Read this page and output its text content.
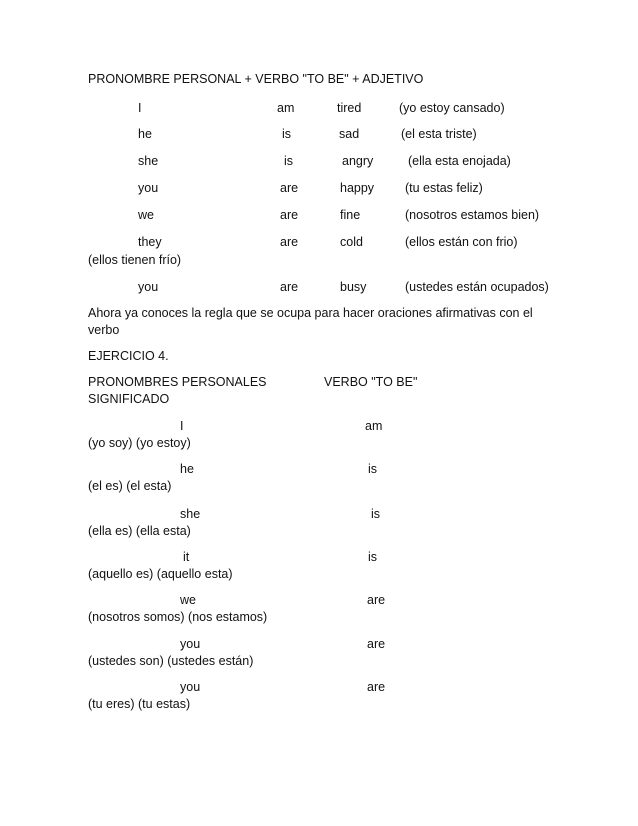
PRONOMBRE PERSONAL + VERBO "TO BE" + ADJETIVO
I	am	tired	(yo estoy cansado)
he	is	sad	(el esta triste)
she	is	angry	(ella esta enojada)
you	are	happy (tu estas feliz)
we	are	fine	(nosotros estamos bien)
they	are	cold	(ellos están con frio)
(ellos tienen frío)
you	are	busy	(ustedes están ocupados)
Ahora ya conoces la regla que se ocupa para hacer oraciones afirmativas con el
verbo
EJERCICIO 4.
PRONOMBRES PERSONALES	VERBO "TO BE"
SIGNIFICADO
I	am
(yo soy) (yo estoy)
he	is
(el es) (el esta)
she	is
(ella es) (ella esta)
it	is
(aquello es) (aquello esta)
we	are
(nosotros somos) (nos estamos)
you	are
(ustedes son) (ustedes están)
you	are
(tu eres) (tu estas)
